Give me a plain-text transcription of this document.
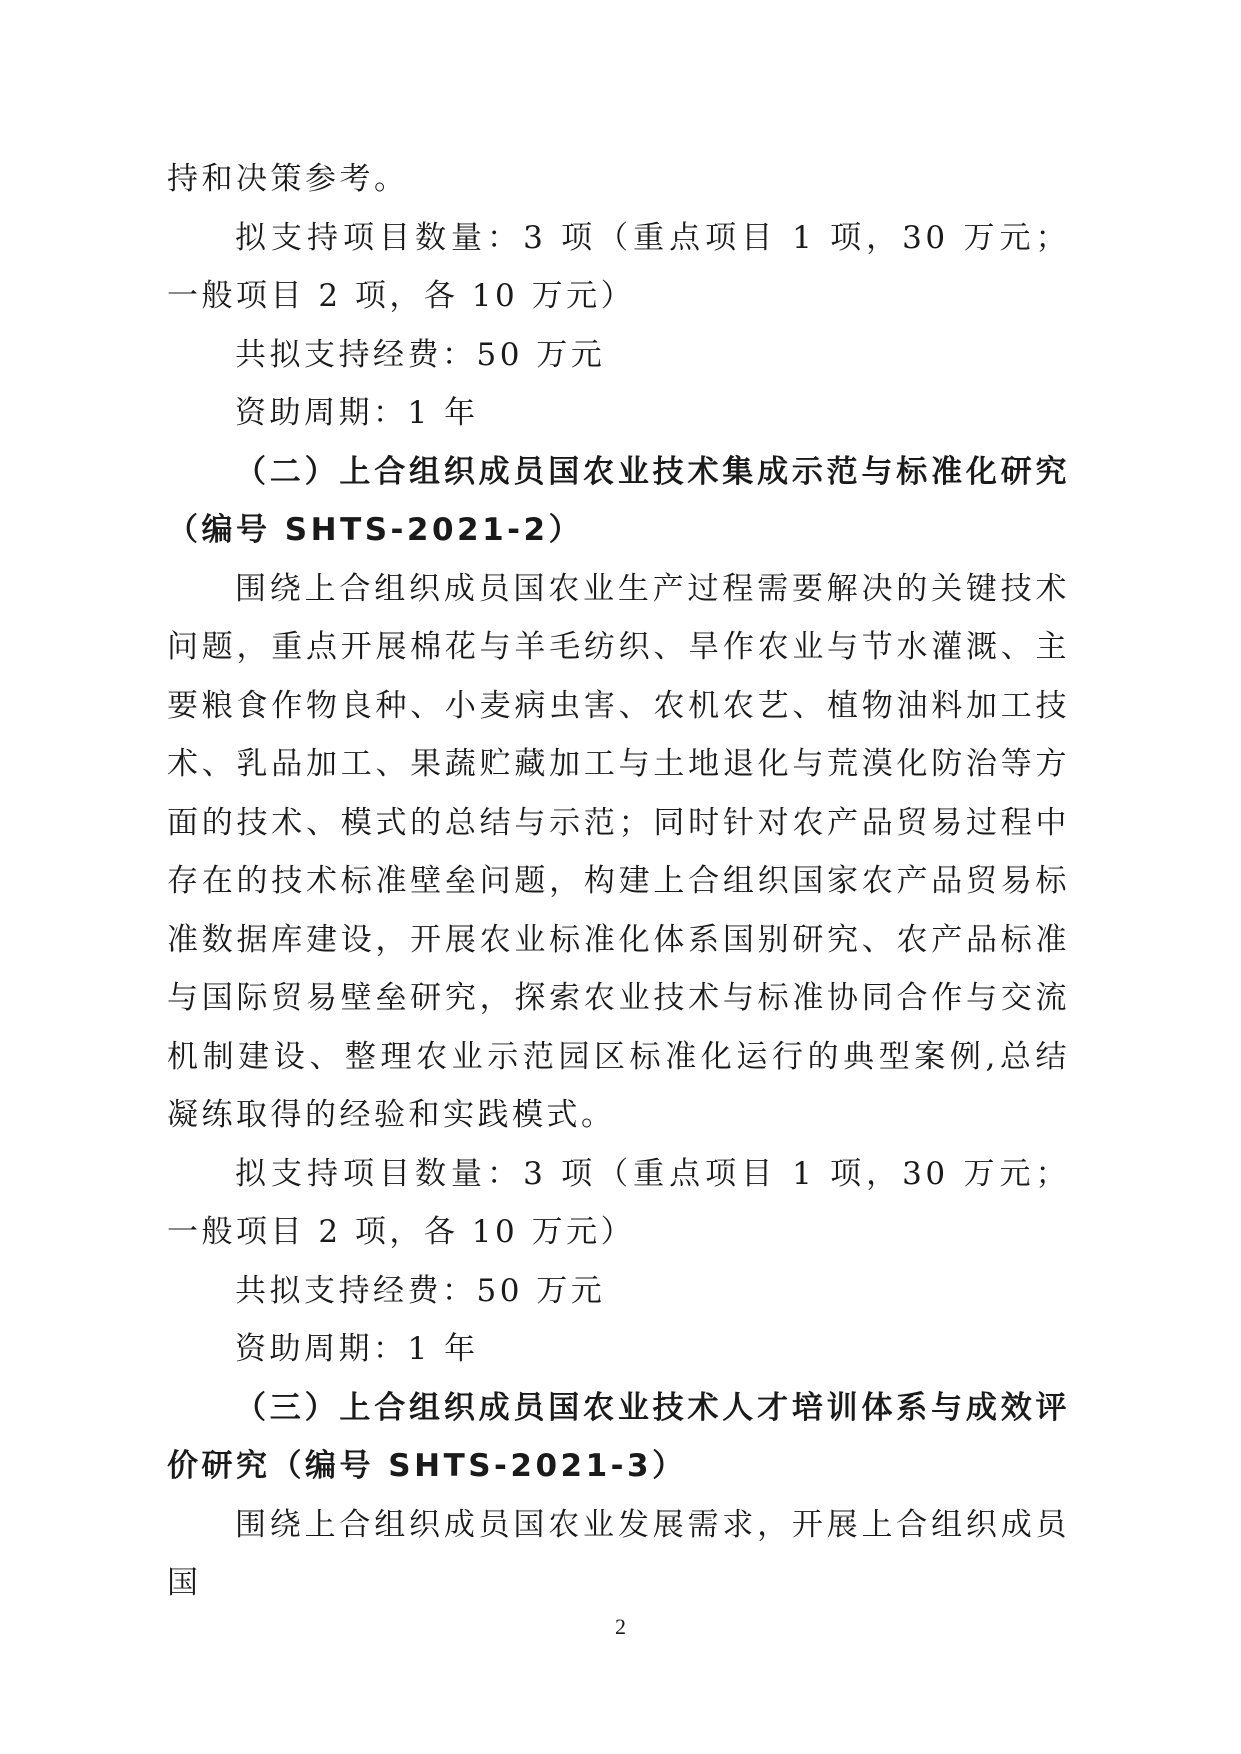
持和决策参考。

拟支持项目数量：3 项（重点项目 1 项，30 万元；一般项目 2 项，各 10 万元）

共拟支持经费：50 万元

资助周期：1 年

（二）上合组织成员国农业技术集成示范与标准化研究（编号 SHTS-2021-2）

围绕上合组织成员国农业生产过程需要解决的关键技术问题，重点开展棉花与羊毛纺织、旱作农业与节水灌溉、主要粮食作物良种、小麦病虫害、农机农艺、植物油料加工技术、乳品加工、果蔬贮藏加工与土地退化与荒漠化防治等方面的技术、模式的总结与示范；同时针对农产品贸易过程中存在的技术标准壁垒问题，构建上合组织国家农产品贸易标准数据库建设，开展农业标准化体系国别研究、农产品标准与国际贸易壁垒研究，探索农业技术与标准协同合作与交流机制建设、整理农业示范园区标准化运行的典型案例,总结凝练取得的经验和实践模式。

拟支持项目数量：3 项（重点项目 1 项，30 万元；一般项目 2 项，各 10 万元）

共拟支持经费：50 万元

资助周期：1 年

（三）上合组织成员国农业技术人才培训体系与成效评价研究（编号 SHTS-2021-3）

围绕上合组织成员国农业发展需求，开展上合组织成员国

2
